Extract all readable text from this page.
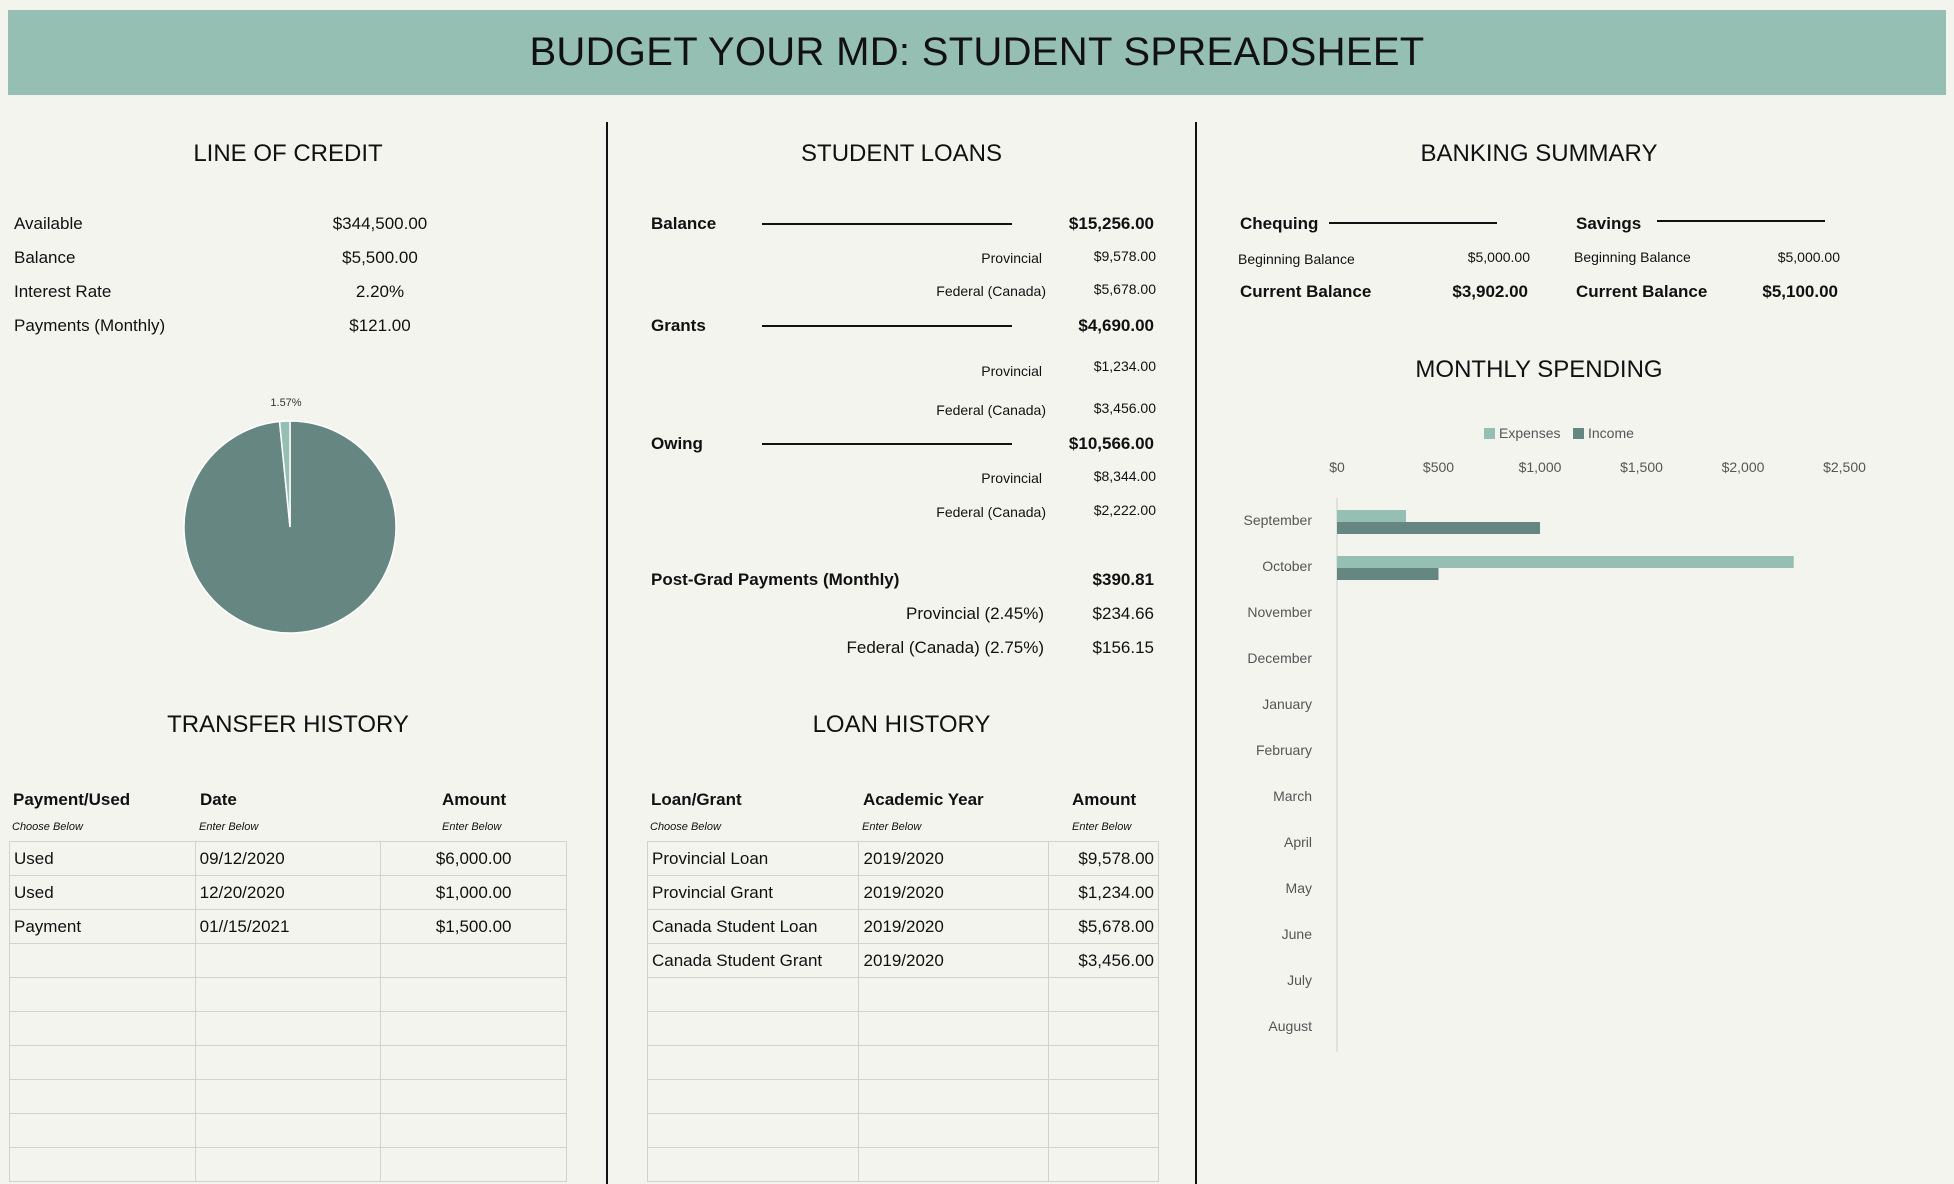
BUDGET YOUR MD: STUDENT SPREADSHEET
LINE OF CREDIT
Available	$344,500.00
Balance	$5,500.00
Interest Rate	2.20%
Payments (Monthly)	$121.00
1.57%
TRANSFER HISTORY
Payment/Used	Date	Amount
Choose Below	Enter Below	Enter Below
Used	09/12/2020	$6,000.00
Used	12/20/2020	$1,000.00
Payment	01//15/2021	$1,500.00

STUDENT LOANS
Balance	$15,256.00
Provincial	$9,578.00
Federal (Canada)	$5,678.00
Grants	$4,690.00
Provincial	$1,234.00
Federal (Canada)	$3,456.00
Owing	$10,566.00
Provincial	$8,344.00
Federal (Canada)	$2,222.00
Post-Grad Payments (Monthly)	$390.81
Provincial (2.45%)	$234.66
Federal (Canada) (2.75%)	$156.15
LOAN HISTORY
Loan/Grant	Academic Year	Amount
Choose Below	Enter Below	Enter Below
Provincial Loan	2019/2020	$9,578.00
Provincial Grant	2019/2020	$1,234.00
Canada Student Loan	2019/2020	$5,678.00
Canada Student Grant	2019/2020	$3,456.00

BANKING SUMMARY
Chequing
Beginning Balance	$5,000.00
Current Balance	$3,902.00
Savings
Beginning Balance	$5,000.00
Current Balance	$5,100.00
MONTHLY SPENDING
Expenses Income
$0	$500	$1,000	$1,500	$2,000	$2,500
September
October
November
December
January
February
March
April
May
June
July
August
